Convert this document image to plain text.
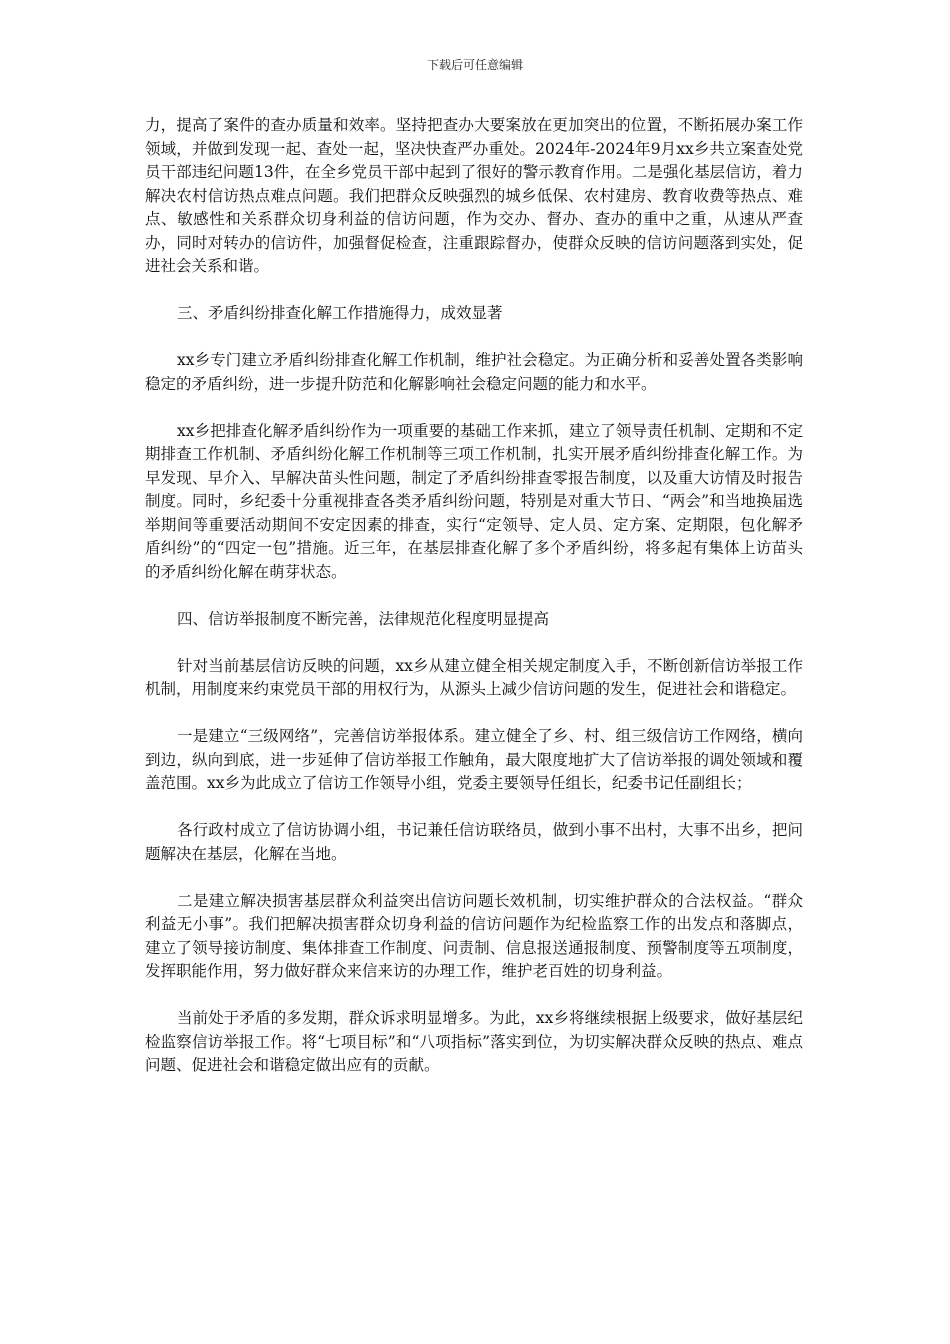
下载后可任意编辑

力，提高了案件的查办质量和效率。坚持把查办大要案放在更加突出的位置，不断拓展办案工作领域，并做到发现一起、查处一起，坚决快查严办重处。2024年-2024年9月xx乡共立案查处党员干部违纪问题13件，在全乡党员干部中起到了很好的警示教育作用。二是强化基层信访，着力解决农村信访热点难点问题。我们把群众反映强烈的城乡低保、农村建房、教育收费等热点、难点、敏感性和关系群众切身利益的信访问题，作为交办、督办、查办的重中之重，从速从严查办，同时对转办的信访件，加强督促检查，注重跟踪督办，使群众反映的信访问题落到实处，促进社会关系和谐。

三、矛盾纠纷排查化解工作措施得力，成效显著

xx乡专门建立矛盾纠纷排查化解工作机制，维护社会稳定。为正确分析和妥善处置各类影响稳定的矛盾纠纷，进一步提升防范和化解影响社会稳定问题的能力和水平。

xx乡把排查化解矛盾纠纷作为一项重要的基础工作来抓，建立了领导责任机制、定期和不定期排查工作机制、矛盾纠纷化解工作机制等三项工作机制，扎实开展矛盾纠纷排查化解工作。为早发现、早介入、早解决苗头性问题，制定了矛盾纠纷排查零报告制度，以及重大访情及时报告制度。同时，乡纪委十分重视排查各类矛盾纠纷问题，特别是对重大节日、“两会”和当地换届选举期间等重要活动期间不安定因素的排查，实行“定领导、定人员、定方案、定期限，包化解矛盾纠纷”的“四定一包”措施。近三年，在基层排查化解了多个矛盾纠纷，将多起有集体上访苗头的矛盾纠纷化解在萌芽状态。

四、信访举报制度不断完善，法律规范化程度明显提高

针对当前基层信访反映的问题，xx乡从建立健全相关规定制度入手，不断创新信访举报工作机制，用制度来约束党员干部的用权行为，从源头上减少信访问题的发生，促进社会和谐稳定。

一是建立“三级网络”，完善信访举报体系。建立健全了乡、村、组三级信访工作网络，横向到边，纵向到底，进一步延伸了信访举报工作触角，最大限度地扩大了信访举报的调处领域和覆盖范围。xx乡为此成立了信访工作领导小组，党委主要领导任组长，纪委书记任副组长；

各行政村成立了信访协调小组，书记兼任信访联络员，做到小事不出村，大事不出乡，把问题解决在基层，化解在当地。

二是建立解决损害基层群众利益突出信访问题长效机制，切实维护群众的合法权益。“群众利益无小事”。我们把解决损害群众切身利益的信访问题作为纪检监察工作的出发点和落脚点，建立了领导接访制度、集体排查工作制度、问责制、信息报送通报制度、预警制度等五项制度，发挥职能作用，努力做好群众来信来访的办理工作，维护老百姓的切身利益。

当前处于矛盾的多发期，群众诉求明显增多。为此，xx乡将继续根据上级要求，做好基层纪检监察信访举报工作。将“七项目标”和“八项指标”落实到位，为切实解决群众反映的热点、难点问题、促进社会和谐稳定做出应有的贡献。
